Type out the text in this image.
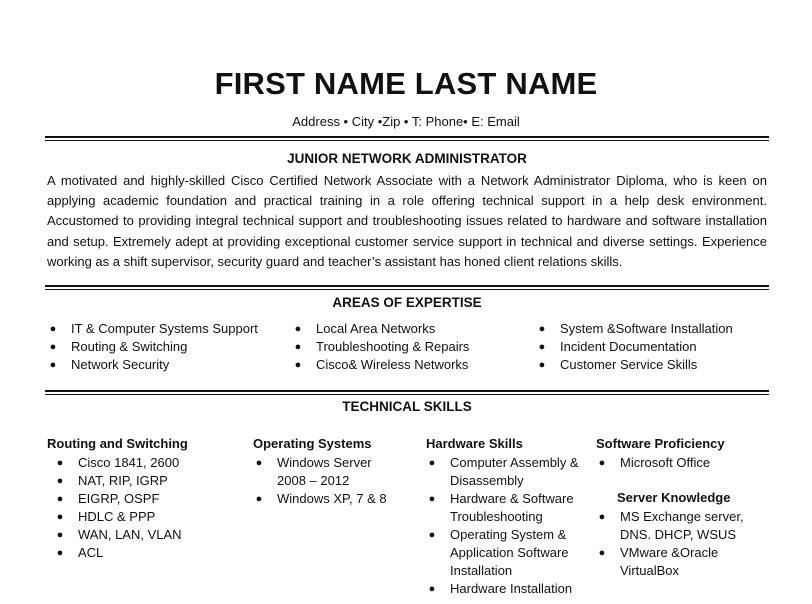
FIRST NAME LAST NAME
Address • City •Zip • T: Phone• E: Email
JUNIOR NETWORK ADMINISTRATOR
A motivated and highly-skilled Cisco Certified Network Associate with a Network Administrator Diploma, who is keen on applying academic foundation and practical training in a role offering technical support in a help desk environment. Accustomed to providing integral technical support and troubleshooting issues related to hardware and software installation and setup. Extremely adept at providing exceptional customer service support in technical and diverse settings. Experience working as a shift supervisor, security guard and teacher’s assistant has honed client relations skills.
AREAS OF EXPERTISE
● IT & Computer Systems Support
● Routing & Switching
● Network Security
● Local Area Networks
● Troubleshooting & Repairs
● Cisco& Wireless Networks
● System &Software Installation
● Incident Documentation
● Customer Service Skills
TECHNICAL SKILLS
Routing and Switching
● Cisco 1841, 2600
● NAT, RIP, IGRP
● EIGRP, OSPF
● HDLC & PPP
● WAN, LAN, VLAN
● ACL
Operating Systems
● Windows Server 2008 – 2012
● Windows XP, 7 & 8
Hardware Skills
● Computer Assembly & Disassembly
● Hardware & Software Troubleshooting
● Operating System & Application Software Installation
● Hardware Installation
Software Proficiency
● Microsoft Office
Server Knowledge
● MS Exchange server, DNS. DHCP, WSUS
● VMware &Oracle VirtualBox
